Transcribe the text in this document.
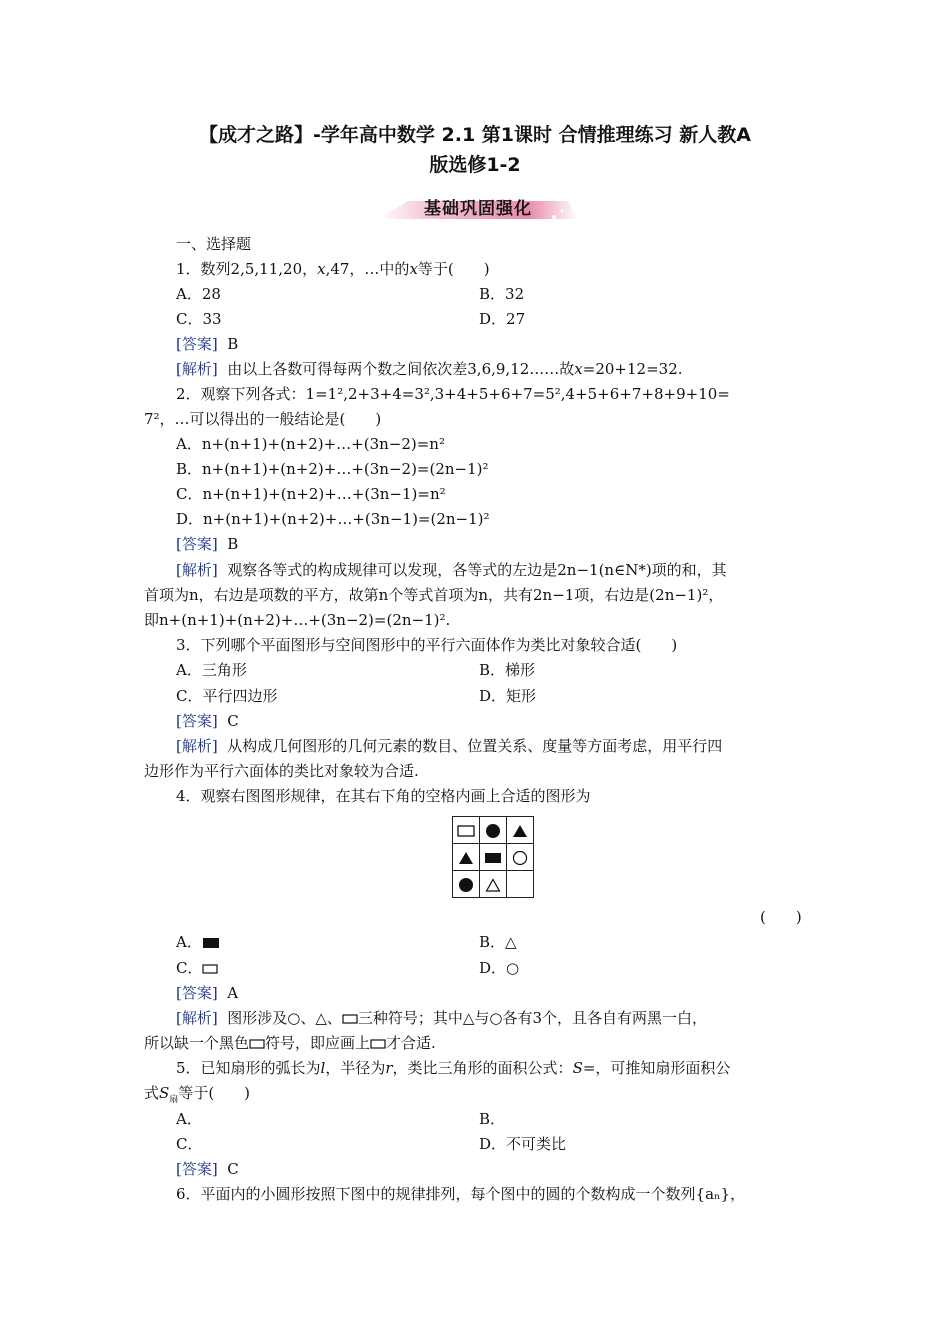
【成才之路】-学年高中数学 2.1 第1课时 合情推理练习 新人教A
版选修1-2
基础巩固强化
一、选择题
1．数列2,5,11,20，x,47，…中的x等于(　　)
A．28	B．32
C．33	D．27
[答案] B
[解析] 由以上各数可得每两个数之间依次差3,6,9,12……故x=20+12=32.
2．观察下列各式：1=1²,2+3+4=3²,3+4+5+6+7=5²,4+5+6+7+8+9+10=
7²，…可以得出的一般结论是(　　)
A．n+(n+1)+(n+2)+…+(3n−2)=n²
B．n+(n+1)+(n+2)+…+(3n−2)=(2n−1)²
C．n+(n+1)+(n+2)+…+(3n−1)=n²
D．n+(n+1)+(n+2)+…+(3n−1)=(2n−1)²
[答案] B
[解析] 观察各等式的构成规律可以发现，各等式的左边是2n−1(n∈N*)项的和，其
首项为n，右边是项数的平方，故第n个等式首项为n，共有2n−1项，右边是(2n−1)²，
即n+(n+1)+(n+2)+…+(3n−2)=(2n−1)².
3．下列哪个平面图形与空间图形中的平行六面体作为类比对象较合适(　　)
A．三角形	B．梯形
C．平行四边形	D．矩形
[答案] C
[解析] 从构成几何图形的几何元素的数目、位置关系、度量等方面考虑，用平行四
边形作为平行六面体的类比对象较为合适.
4．观察右图图形规律，在其右下角的空格内画上合适的图形为

(　　)
A．	B．△
C．	D．○
[答案] A
[解析] 图形涉及○、△、 三种符号；其中△与○各有3个，且各自有两黑一白，
所以缺一个黑色 符号，即应画上 才合适.
5．已知扇形的弧长为l，半径为r，类比三角形的面积公式：S=，可推知扇形面积公
式$S_扇$等于(　　)
A．	B．
C．	D．不可类比
[答案] C
6．平面内的小圆形按照下图中的规律排列，每个图中的圆的个数构成一个数列{aₙ}，
